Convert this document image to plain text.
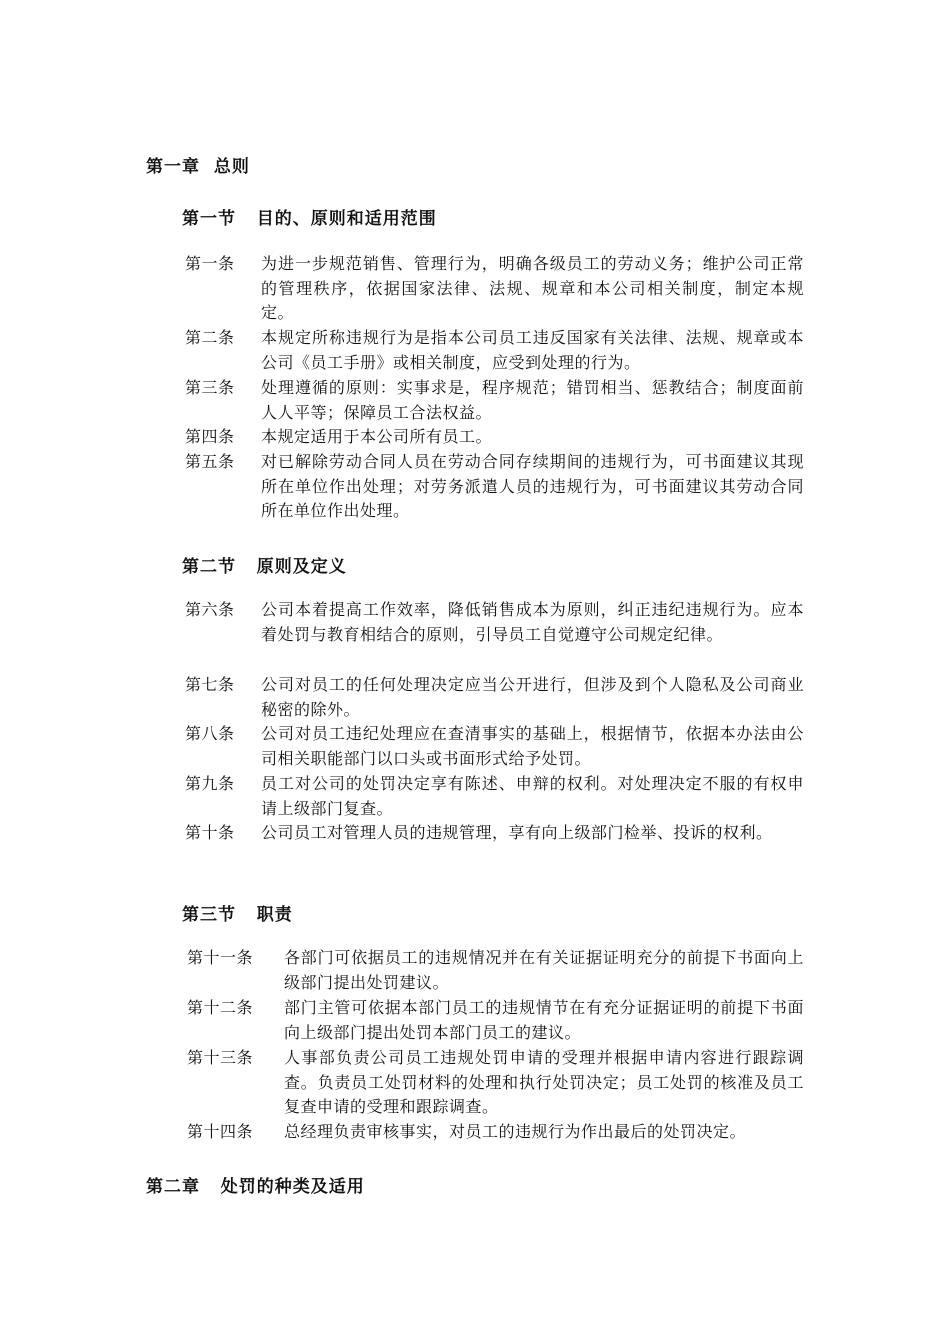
第一章  总则
第一节   目的、原则和适用范围
第一条 为进一步规范销售、管理行为，明确各级员工的劳动义务；维护公司正常的管理秩序，依据国家法律、法规、规章和本公司相关制度，制定本规定。
第二条 本规定所称违规行为是指本公司员工违反国家有关法律、法规、规章或本公司《员工手册》或相关制度，应受到处理的行为。
第三条 处理遵循的原则：实事求是，程序规范；错罚相当、惩教结合；制度面前人人平等；保障员工合法权益。
第四条 本规定适用于本公司所有员工。
第五条 对已解除劳动合同人员在劳动合同存续期间的违规行为，可书面建议其现所在单位作出处理；对劳务派遣人员的违规行为，可书面建议其劳动合同所在单位作出处理。
第二节   原则及定义
第六条 公司本着提高工作效率，降低销售成本为原则，纠正违纪违规行为。应本着处罚与教育相结合的原则，引导员工自觉遵守公司规定纪律。
第七条 公司对员工的任何处理决定应当公开进行，但涉及到个人隐私及公司商业秘密的除外。
第八条 公司对员工违纪处理应在查清事实的基础上，根据情节，依据本办法由公司相关职能部门以口头或书面形式给予处罚。
第九条 员工对公司的处罚决定享有陈述、申辩的权利。对处理决定不服的有权申请上级部门复查。
第十条 公司员工对管理人员的违规管理，享有向上级部门检举、投诉的权利。
第三节   职责
第十一条 各部门可依据员工的违规情况并在有关证据证明充分的前提下书面向上级部门提出处罚建议。
第十二条 部门主管可依据本部门员工的违规情节在有充分证据证明的前提下书面向上级部门提出处罚本部门员工的建议。
第十三条 人事部负责公司员工违规处罚申请的受理并根据申请内容进行跟踪调查。负责员工处罚材料的处理和执行处罚决定；员工处罚的核准及员工复查申请的受理和跟踪调查。
第十四条 总经理负责审核事实，对员工的违规行为作出最后的处罚决定。
第二章   处罚的种类及适用
